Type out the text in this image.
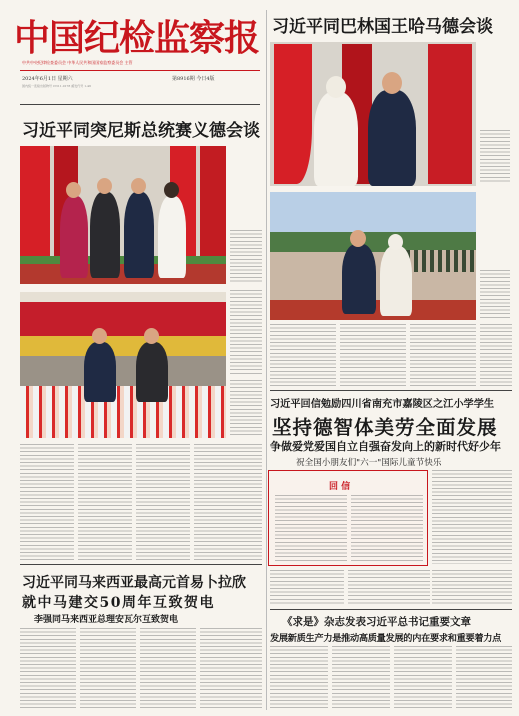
中国纪检监察报
中共中央纪律检查委员会 中华人民共和国国家监察委员会 主管
2024年6月1日 星期六	第8916期 今日4版
国内统一连续出版物号 CN11-0178 邮发代号 1-46
习近平同巴林国王哈马德会谈
习近平同突尼斯总统赛义德会谈
习近平回信勉励四川省南充市嘉陵区之江小学学生
坚持德智体美劳全面发展
争做爱党爱国自立自强奋发向上的新时代好少年
祝全国小朋友们"六一"国际儿童节快乐
回 信
习近平同马来西亚最高元首易卜拉欣
就中马建交50周年互致贺电
李强同马来西亚总理安瓦尔互致贺电	《求是》杂志发表习近平总书记重要文章
发展新质生产力是推动高质量发展的内在要求和重要着力点
